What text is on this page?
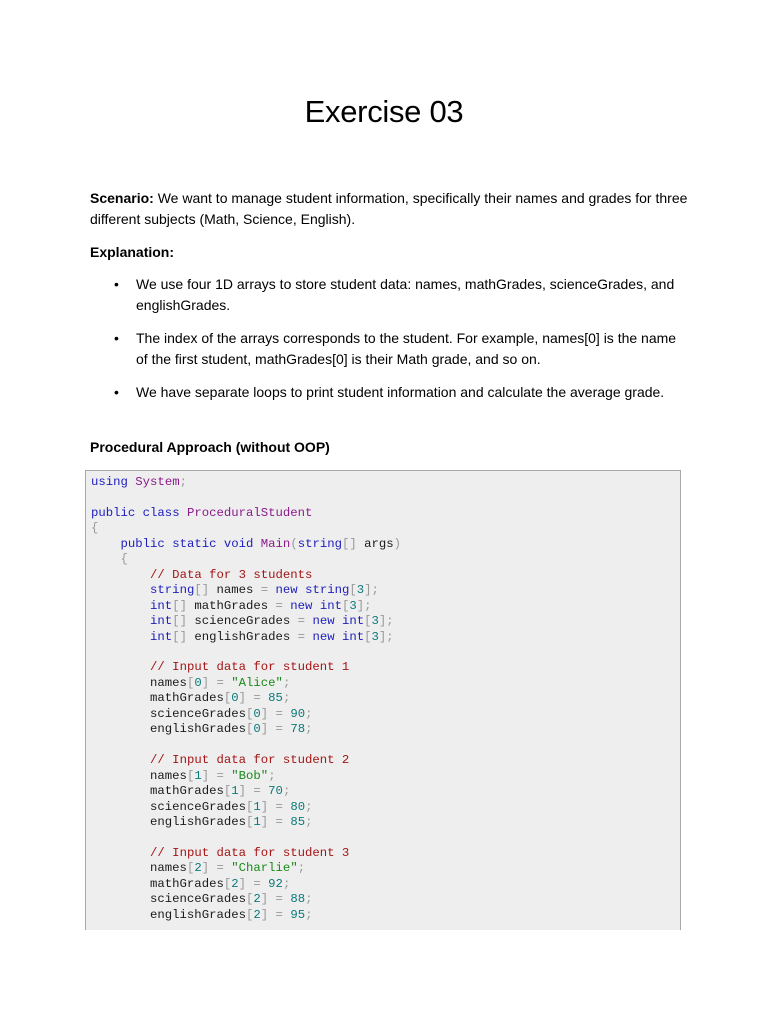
Exercise 03
Scenario: We want to manage student information, specifically their names and grades for three different subjects (Math, Science, English).
Explanation:
• We use four 1D arrays to store student data: names, mathGrades, scienceGrades, and englishGrades.
• The index of the arrays corresponds to the student. For example, names[0] is the name of the first student, mathGrades[0] is their Math grade, and so on.
• We have separate loops to print student information and calculate the average grade.
Procedural Approach (without OOP)
using System;

public class ProceduralStudent
{
public static void Main(string[] args)
{
// Data for 3 students
string[] names = new string[3];
int[] mathGrades = new int[3];
int[] scienceGrades = new int[3];
int[] englishGrades = new int[3];

// Input data for student 1
names[0] = "Alice";
mathGrades[0] = 85;
scienceGrades[0] = 90;
englishGrades[0] = 78;

// Input data for student 2
names[1] = "Bob";
mathGrades[1] = 70;
scienceGrades[1] = 80;
englishGrades[1] = 85;

// Input data for student 3
names[2] = "Charlie";
mathGrades[2] = 92;
scienceGrades[2] = 88;
englishGrades[2] = 95;
